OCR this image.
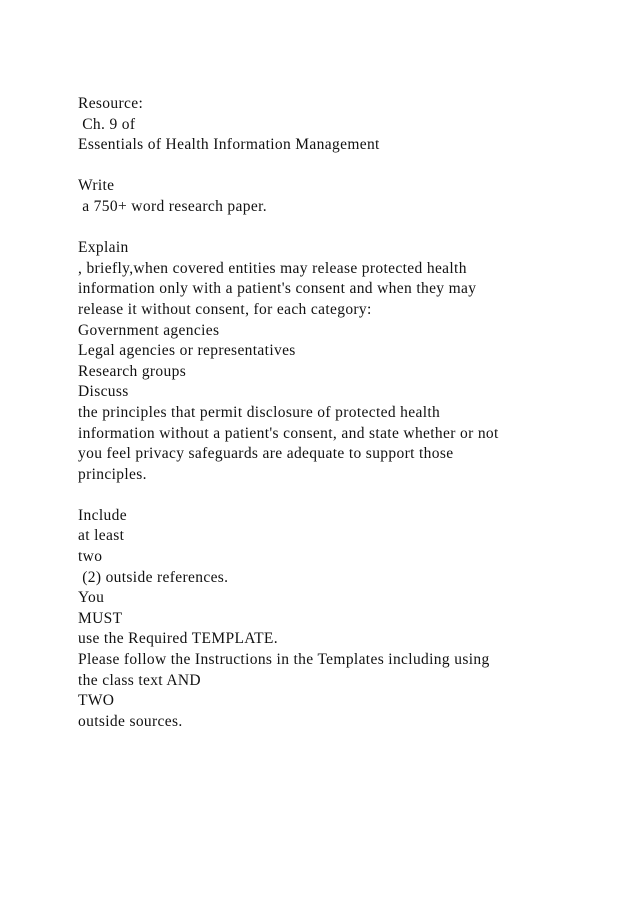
Resource:
Ch. 9 of
Essentials of Health Information Management
Write
a 750+ word research paper.
Explain
, briefly,when covered entities may release protected health
information only with a patient's consent and when they may
release it without consent, for each category:
Government agencies
Legal agencies or representatives
Research groups
Discuss
the principles that permit disclosure of protected health
information without a patient's consent, and state whether or not
you feel privacy safeguards are adequate to support those
principles.
Include
at least
two
(2) outside references.
You
MUST
use the Required TEMPLATE.
Please follow the Instructions in the Templates including using
the class text AND
TWO
outside sources.
